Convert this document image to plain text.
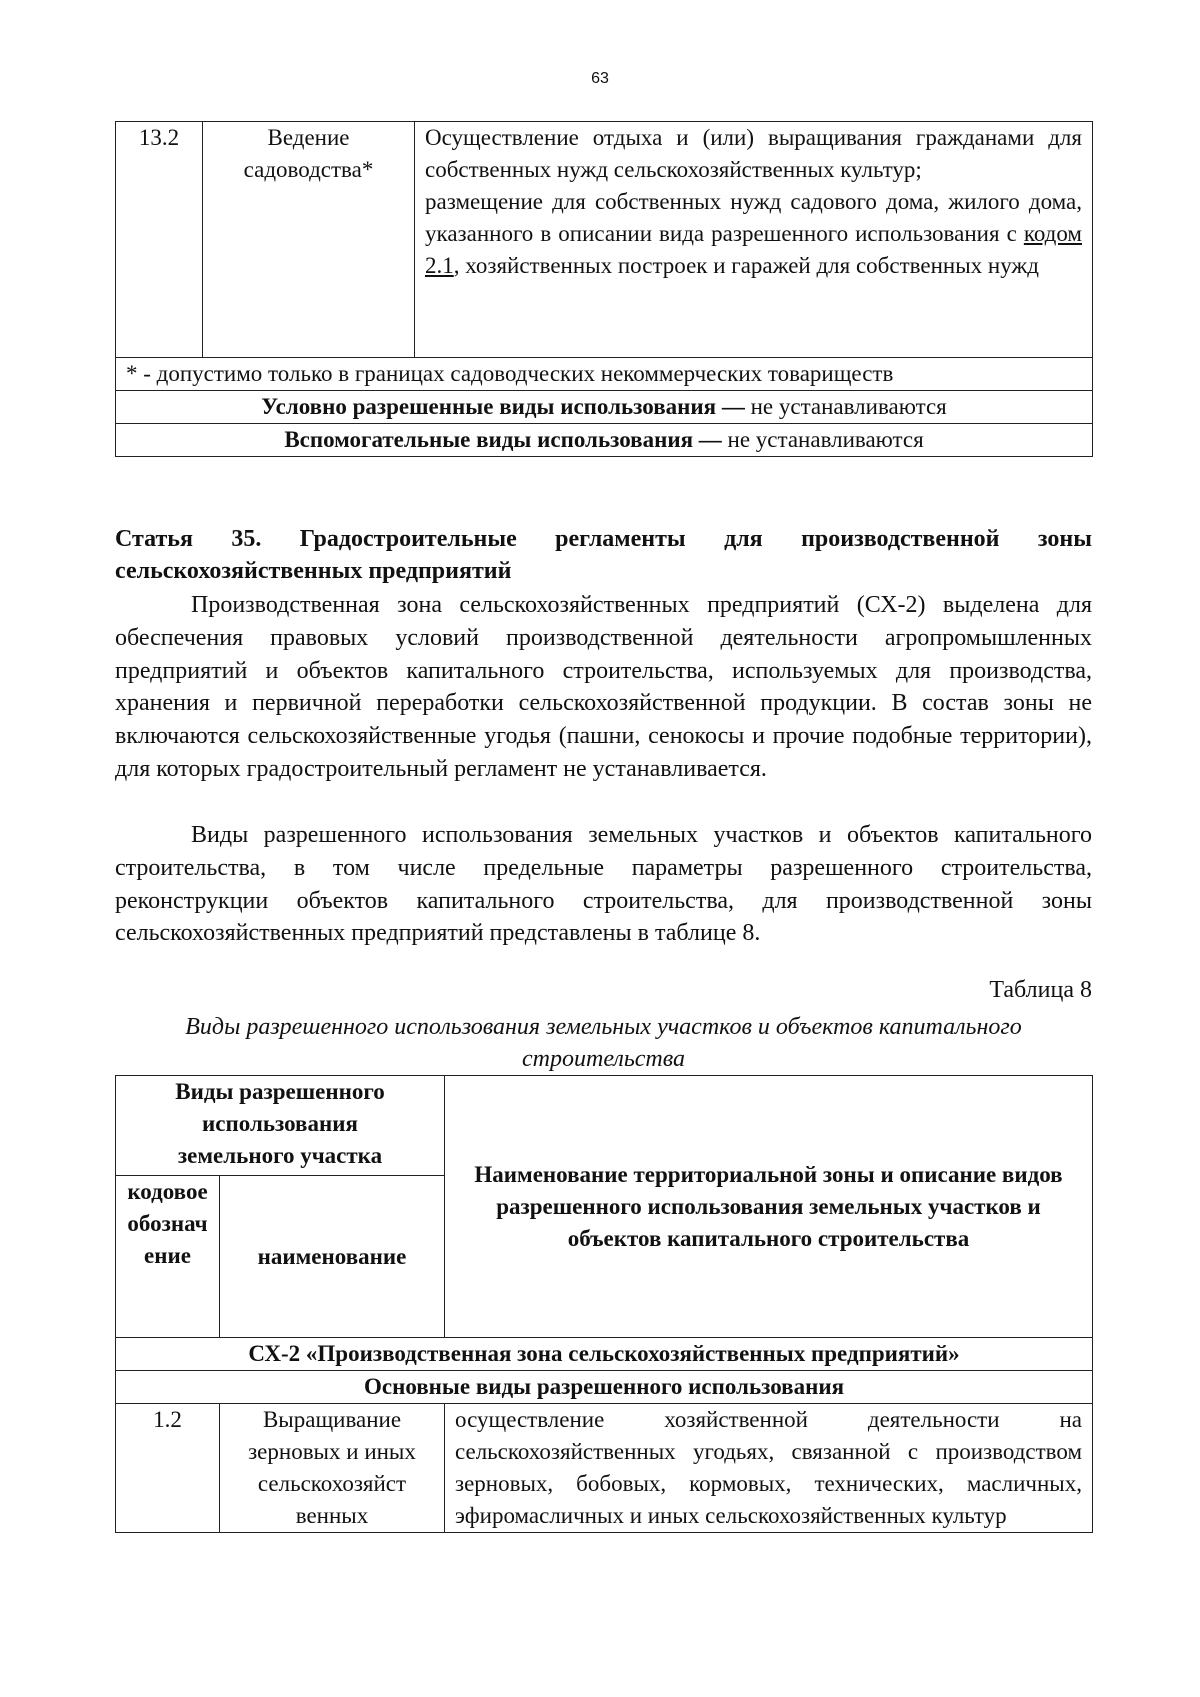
63
13.2	Ведение садоводства*	Осуществление отдыха и (или) выращивания гражданами для собственных нужд сельскохозяйственных культур;
размещение для собственных нужд садового дома, жилого дома, указанного в описании вида разрешенного использования с кодом 2.1, хозяйственных построек и гаражей для собственных нужд
* - допустимо только в границах садоводческих некоммерческих товариществ
Условно разрешенные виды использования — не устанавливаются
Вспомогательные виды использования — не устанавливаются
Статья 35. Градостроительные регламенты для производственной зоны сельскохозяйственных предприятий

Производственная зона сельскохозяйственных предприятий (СХ-2) выделена для обеспечения правовых условий производственной деятельности агропромышленных предприятий и объектов капитального строительства, используемых для производства, хранения и первичной переработки сельскохозяйственной продукции. В состав зоны не включаются сельскохозяйственные угодья (пашни, сенокосы и прочие подобные территории), для которых градостроительный регламент не устанавливается.

Виды разрешенного использования земельных участков и объектов капитального строительства, в том числе предельные параметры разрешенного строительства, реконструкции объектов капитального строительства, для производственной зоны сельскохозяйственных предприятий представлены в таблице 8.

Таблица 8
Виды разрешенного использования земельных участков и объектов капитального строительства
Виды разрешенного использования земельного участка		Наименование территориальной зоны и описание видов разрешенного использования земельных участков и объектов капитального строительства
кодовое обозначение	наименование	
СХ-2 «Производственная зона сельскохозяйственных предприятий»		
Основные виды разрешенного использования		
1.2	Выращивание зерновых и иных сельскохозяйст венных	осуществление хозяйственной деятельности на сельскохозяйственных угодьях, связанной с производством зерновых, бобовых, кормовых, технических, масличных, эфиромасличных и иных сельскохозяйственных культур
